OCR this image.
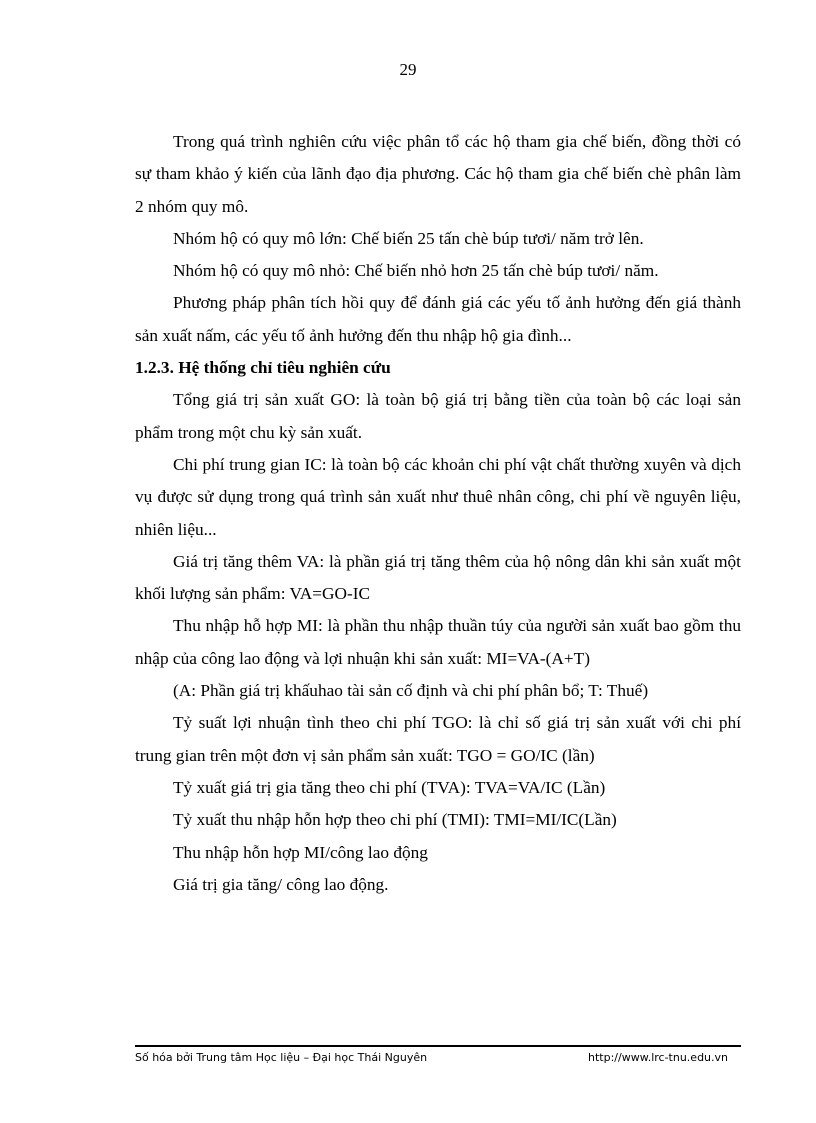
29

Trong quá trình nghiên cứu việc phân tổ các hộ tham gia chế biến, đồng thời có sự tham khảo ý kiến của lãnh đạo địa phương. Các hộ tham gia chế biến chè phân làm 2 nhóm quy mô.

Nhóm hộ có quy mô lớn: Chế biến 25 tấn chè búp tươi/ năm trở lên.

Nhóm hộ có quy mô nhỏ: Chế biến nhỏ hơn 25 tấn chè búp tươi/ năm.

Phương pháp phân tích hồi quy để đánh giá các yếu tố ảnh hưởng đến giá thành sản xuất nấm, các yếu tố ảnh hưởng đến thu nhập hộ gia đình...

1.2.3. Hệ thống chỉ tiêu nghiên cứu

Tổng giá trị sản xuất GO: là toàn bộ giá trị bằng tiền của toàn bộ các loại sản phẩm trong một chu kỳ sản xuất.

Chi phí trung gian IC: là toàn bộ các khoản chi phí vật chất thường xuyên và dịch vụ được sử dụng trong quá trình sản xuất như thuê nhân công, chi phí về nguyên liệu, nhiên liệu...

Giá trị tăng thêm VA: là phần giá trị tăng thêm của hộ nông dân khi sản xuất một khối lượng sản phẩm: VA=GO-IC

Thu nhập hỗ hợp MI: là phần thu nhập thuần túy của người sản xuất bao gồm thu nhập của công lao động và lợi nhuận khi sản xuất: MI=VA-(A+T)

(A: Phần giá trị khấuhao tài sản cố định và chi phí phân bổ; T: Thuế)

Tỷ suất lợi nhuận tình theo chi phí TGO: là chỉ số giá trị sản xuất với chi phí trung gian trên một đơn vị sản phẩm sản xuất: TGO = GO/IC (lần)

Tỷ xuất giá trị gia tăng theo chi phí (TVA): TVA=VA/IC (Lần)

Tỷ xuất thu nhập hỗn hợp theo chi phí (TMI): TMI=MI/IC(Lần)

Thu nhập hỗn hợp MI/công lao động

Giá trị gia tăng/ công lao động.

Số hóa bởi Trung tâm Học liệu – Đại học Thái Nguyên	http://www.lrc-tnu.edu.vn
